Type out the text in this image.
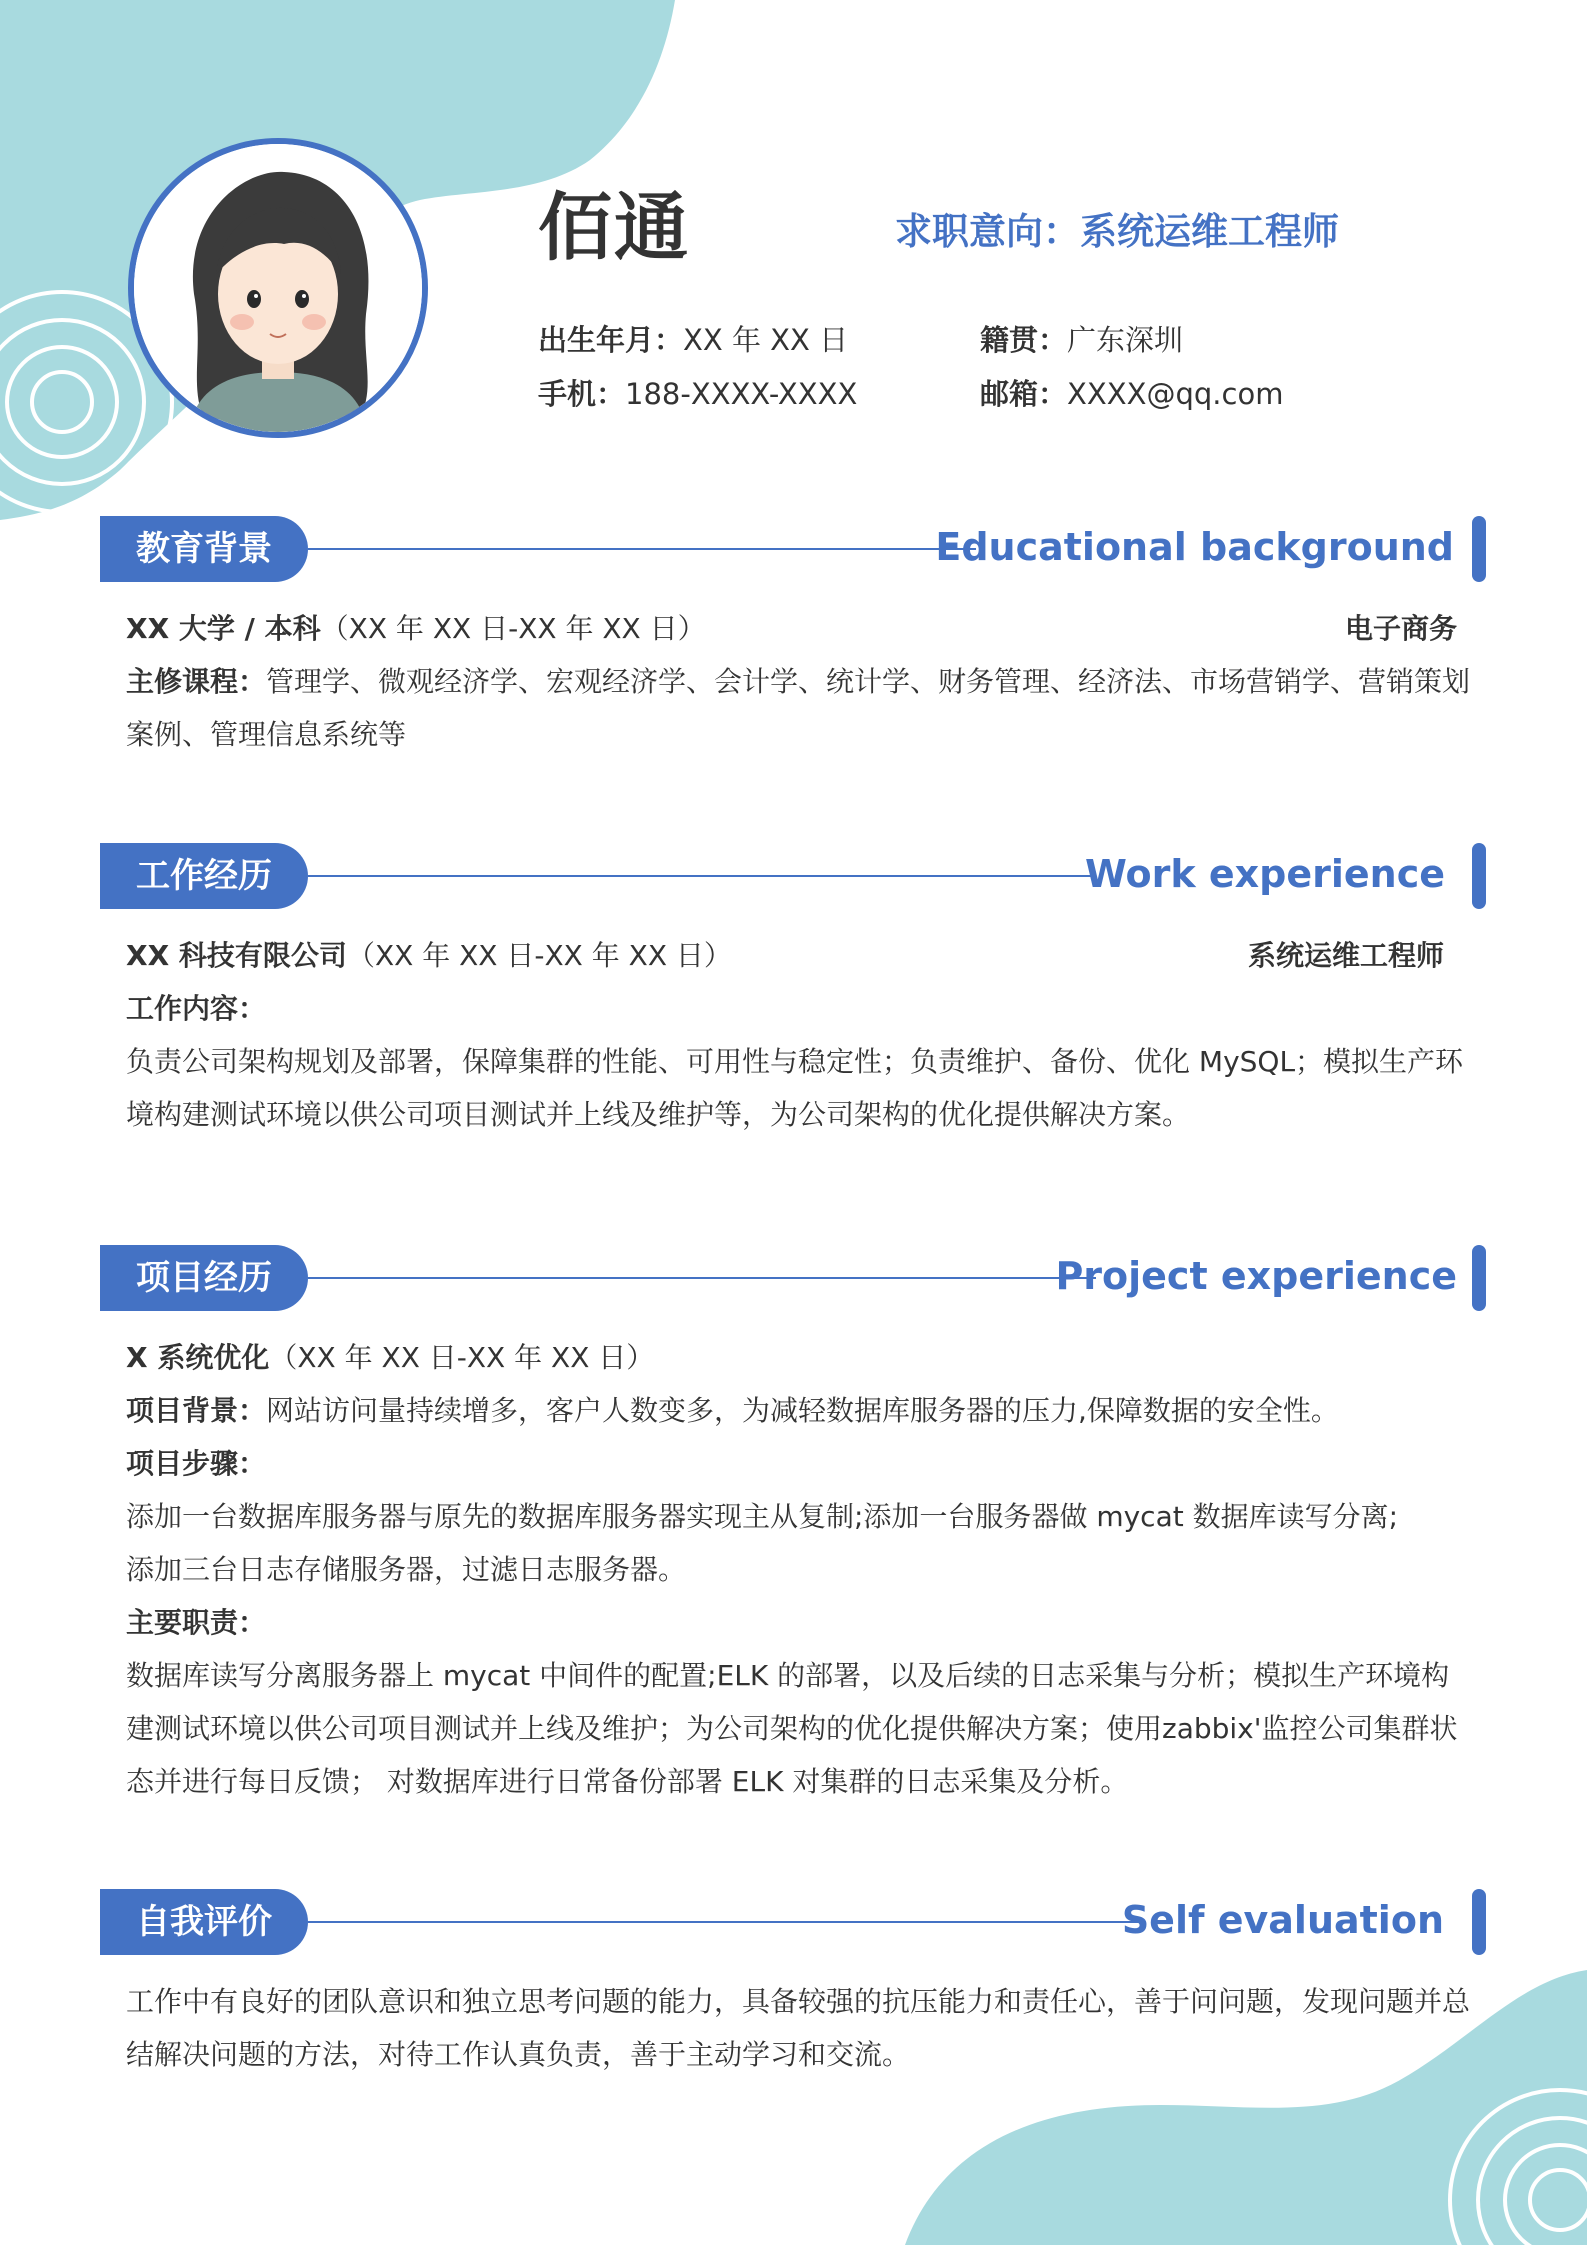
佰通	求职意向：系统运维工程师
出生年月：XX 年 XX 日	籍贯：广东深圳
手机：188-XXXX-XXXX	邮箱：XXXX@qq.com
教育背景	Educational background
XX 大学 / 本科（XX 年 XX 日-XX 年 XX 日）	电子商务
主修课程：管理学、微观经济学、宏观经济学、会计学、统计学、财务管理、经济法、市场营销学、营销策划案例、管理信息系统等
工作经历	Work experience
XX 科技有限公司（XX 年 XX 日-XX 年 XX 日）	系统运维工程师
工作内容：
负责公司架构规划及部署，保障集群的性能、可用性与稳定性；负责维护、备份、优化 MySQL；模拟生产环境构建测试环境以供公司项目测试并上线及维护等，为公司架构的优化提供解决方案。
项目经历	Project experience
X 系统优化（XX 年 XX 日-XX 年 XX 日）
项目背景：网站访问量持续增多，客户人数变多，为减轻数据库服务器的压力,保障数据的安全性。
项目步骤：
添加一台数据库服务器与原先的数据库服务器实现主从复制;添加一台服务器做 mycat 数据库读写分离;
添加三台日志存储服务器，过滤日志服务器。
主要职责：
数据库读写分离服务器上 mycat 中间件的配置;ELK 的部署，以及后续的日志采集与分析；模拟生产环境构建测试环境以供公司项目测试并上线及维护；为公司架构的优化提供解决方案；使用zabbix'监控公司集群状态并进行每日反馈； 对数据库进行日常备份部署 ELK 对集群的日志采集及分析。
自我评价	Self evaluation
工作中有良好的团队意识和独立思考问题的能力，具备较强的抗压能力和责任心，善于问问题，发现问题并总结解决问题的方法，对待工作认真负责，善于主动学习和交流。
